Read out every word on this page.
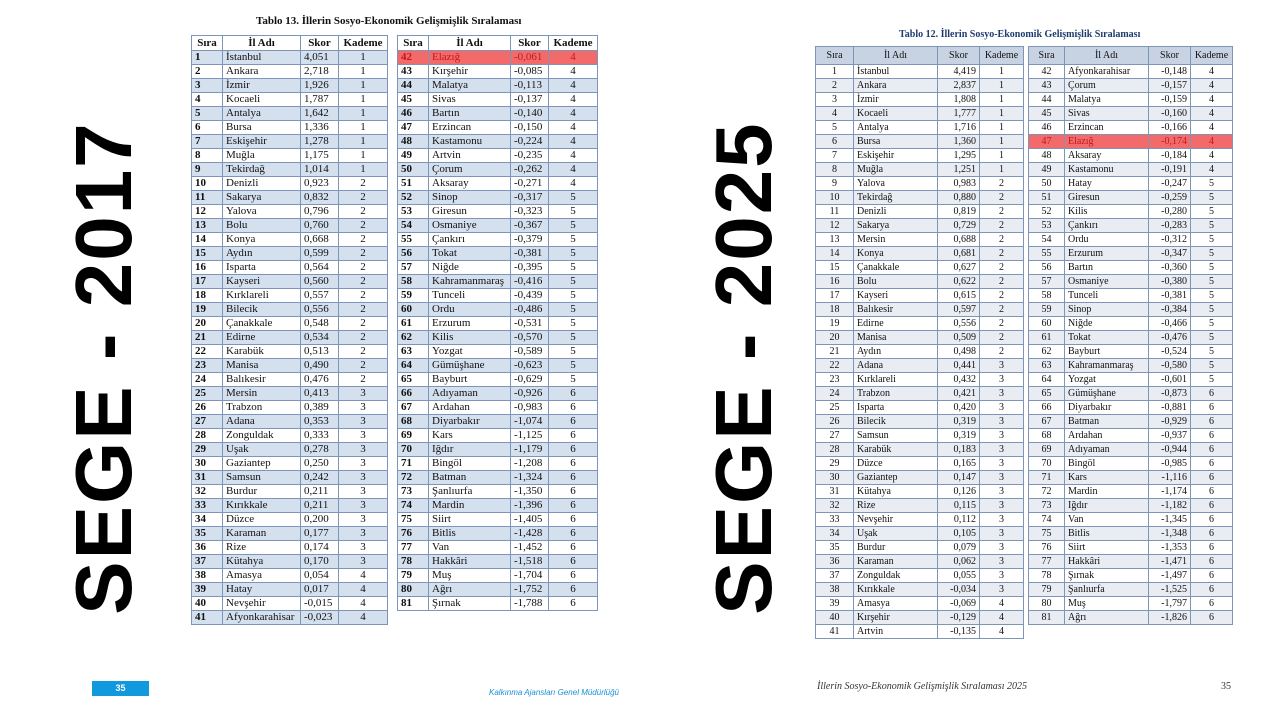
SEGE - 2017	SEGE - 2025
Tablo 13. İllerin Sosyo-Ekonomik Gelişmişlik Sıralaması
Tablo 12. İllerin Sosyo-Ekonomik Gelişmişlik Sıralaması
Sıra	İl Adı	Skor	Kademe
1	İstanbul	4,051	1
2	Ankara	2,718	1
3	İzmir	1,926	1
4	Kocaeli	1,787	1
5	Antalya	1,642	1
6	Bursa	1,336	1
7	Eskişehir	1,278	1
8	Muğla	1,175	1
9	Tekirdağ	1,014	1
10	Denizli	0,923	2
11	Sakarya	0,832	2
12	Yalova	0,796	2
13	Bolu	0,760	2
14	Konya	0,668	2
15	Aydın	0,599	2
16	Isparta	0,564	2
17	Kayseri	0,560	2
18	Kırklareli	0,557	2
19	Bilecik	0,556	2
20	Çanakkale	0,548	2
21	Edirne	0,534	2
22	Karabük	0,513	2
23	Manisa	0,490	2
24	Balıkesir	0,476	2
25	Mersin	0,413	3
26	Trabzon	0,389	3
27	Adana	0,353	3
28	Zonguldak	0,333	3
29	Uşak	0,278	3
30	Gaziantep	0,250	3
31	Samsun	0,242	3
32	Burdur	0,211	3
33	Kırıkkale	0,211	3
34	Düzce	0,200	3
35	Karaman	0,177	3
36	Rize	0,174	3
37	Kütahya	0,170	3
38	Amasya	0,054	4
39	Hatay	0,017	4
40	Nevşehir	-0,015	4
41	Afyonkarahisar	-0,023	4
Sıra	İl Adı	Skor	Kademe
42	Elazığ	-0,061	4
43	Kırşehir	-0,085	4
44	Malatya	-0,113	4
45	Sivas	-0,137	4
46	Bartın	-0,140	4
47	Erzincan	-0,150	4
48	Kastamonu	-0,224	4
49	Artvin	-0,235	4
50	Çorum	-0,262	4
51	Aksaray	-0,271	4
52	Sinop	-0,317	5
53	Giresun	-0,323	5
54	Osmaniye	-0,367	5
55	Çankırı	-0,379	5
56	Tokat	-0,381	5
57	Niğde	-0,395	5
58	Kahramanmaraş	-0,416	5
59	Tunceli	-0,439	5
60	Ordu	-0,486	5
61	Erzurum	-0,531	5
62	Kilis	-0,570	5
63	Yozgat	-0,589	5
64	Gümüşhane	-0,623	5
65	Bayburt	-0,629	5
66	Adıyaman	-0,926	6
67	Ardahan	-0,983	6
68	Diyarbakır	-1,074	6
69	Kars	-1,125	6
70	Iğdır	-1,179	6
71	Bingöl	-1,208	6
72	Batman	-1,324	6
73	Şanlıurfa	-1,350	6
74	Mardin	-1,396	6
75	Siirt	-1,405	6
76	Bitlis	-1,428	6
77	Van	-1,452	6
78	Hakkâri	-1,518	6
79	Muş	-1,704	6
80	Ağrı	-1,752	6
81	Şırnak	-1,788	6
Sıra	İl Adı	Skor	Kademe
1	İstanbul	4,419	1
2	Ankara	2,837	1
3	İzmir	1,808	1
4	Kocaeli	1,777	1
5	Antalya	1,716	1
6	Bursa	1,360	1
7	Eskişehir	1,295	1
8	Muğla	1,251	1
9	Yalova	0,983	2
10	Tekirdağ	0,880	2
11	Denizli	0,819	2
12	Sakarya	0,729	2
13	Mersin	0,688	2
14	Konya	0,681	2
15	Çanakkale	0,627	2
16	Bolu	0,622	2
17	Kayseri	0,615	2
18	Balıkesir	0,597	2
19	Edirne	0,556	2
20	Manisa	0,509	2
21	Aydın	0,498	2
22	Adana	0,441	3
23	Kırklareli	0,432	3
24	Trabzon	0,421	3
25	Isparta	0,420	3
26	Bilecik	0,319	3
27	Samsun	0,319	3
28	Karabük	0,183	3
29	Düzce	0,165	3
30	Gaziantep	0,147	3
31	Kütahya	0,126	3
32	Rize	0,115	3
33	Nevşehir	0,112	3
34	Uşak	0,105	3
35	Burdur	0,079	3
36	Karaman	0,062	3
37	Zonguldak	0,055	3
38	Kırıkkale	-0,034	3
39	Amasya	-0,069	4
40	Kırşehir	-0,129	4
41	Artvin	-0,135	4
Sıra	İl Adı	Skor	Kademe
42	Afyonkarahisar	-0,148	4
43	Çorum	-0,157	4
44	Malatya	-0,159	4
45	Sivas	-0,160	4
46	Erzincan	-0,166	4
47	Elazığ	-0,174	4
48	Aksaray	-0,184	4
49	Kastamonu	-0,191	4
50	Hatay	-0,247	5
51	Giresun	-0,259	5
52	Kilis	-0,280	5
53	Çankırı	-0,283	5
54	Ordu	-0,312	5
55	Erzurum	-0,347	5
56	Bartın	-0,360	5
57	Osmaniye	-0,380	5
58	Tunceli	-0,381	5
59	Sinop	-0,384	5
60	Niğde	-0,466	5
61	Tokat	-0,476	5
62	Bayburt	-0,524	5
63	Kahramanmaraş	-0,580	5
64	Yozgat	-0,601	5
65	Gümüşhane	-0,873	6
66	Diyarbakır	-0,881	6
67	Batman	-0,929	6
68	Ardahan	-0,937	6
69	Adıyaman	-0,944	6
70	Bingöl	-0,985	6
71	Kars	-1,116	6
72	Mardin	-1,174	6
73	Iğdır	-1,182	6
74	Van	-1,345	6
75	Bitlis	-1,348	6
76	Siirt	-1,353	6
77	Hakkâri	-1,471	6
78	Şırnak	-1,497	6
79	Şanlıurfa	-1,525	6
80	Muş	-1,797	6
81	Ağrı	-1,826	6
35	Kalkınma Ajansları Genel Müdürlüğü
İllerin Sosyo-Ekonomik Gelişmişlik Sıralaması 2025	35
